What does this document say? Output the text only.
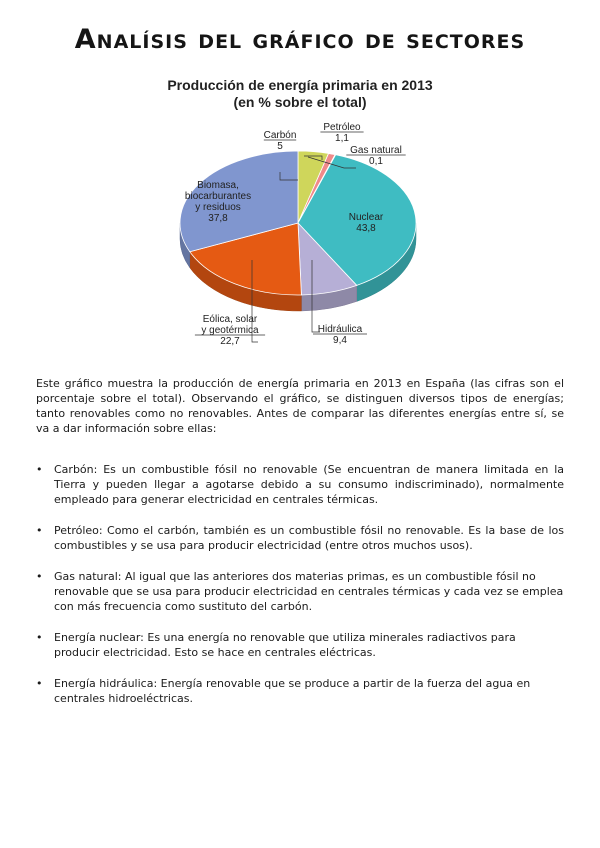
Analísis del gráfico de sectores
Producción de energía primaria en 2013
(en % sobre el total)
Carbón
5
Petróleo
1,1
Gas natural
0,1
Nuclear
43,8
Hidráulica
9,4
Eólica, solar
y geotérmica
22,7
Biomasa,
biocarburantes
y residuos
37,8

Este gráfico muestra la producción de energía primaria en 2013 en España (las cifras son el porcentaje sobre el total). Observando el gráfico, se distinguen diversos tipos de energías; tanto renovables como no renovables. Antes de comparar las diferentes energías entre sí, se va a dar información sobre ellas:

• Carbón: Es un combustible fósil no renovable (Se encuentran de manera limitada en la Tierra y pueden llegar a agotarse debido a su consumo indiscriminado), normalmente empleado para generar electricidad en centrales térmicas.
• Petróleo: Como el carbón, también es un combustible fósil no renovable. Es la base de los combustibles y se usa para producir electricidad (entre otros muchos usos).
• Gas natural: Al igual que las anteriores dos materias primas, es un combustible fósil no renovable que se usa para producir electricidad en centrales térmicas y cada vez se emplea con más frecuencia como sustituto del carbón.
• Energía nuclear: Es una energía no renovable que utiliza minerales radiactivos para producir electricidad. Esto se hace en centrales eléctricas.
• Energía hidráulica: Energía renovable que se produce a partir de la fuerza del agua en centrales hidroeléctricas.
